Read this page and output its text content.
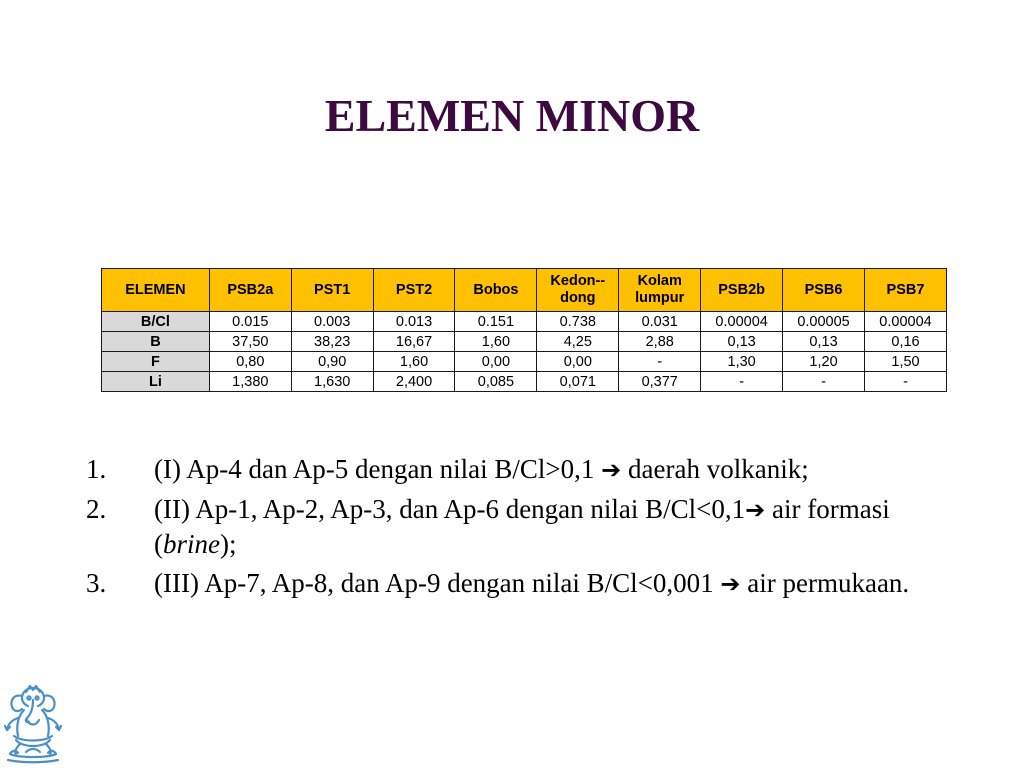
ELEMEN MINOR
ELEMEN	PSB2a	PST1	PST2	Bobos	Kedon-dong	Kolam lumpur	PSB2b	PSB6	PSB7
B/Cl	0.015	0.003	0.013	0.151	0.738	0.031	0.00004	0.00005	0.00004
B	37,50	38,23	16,67	1,60	4,25	2,88	0,13	0,13	0,16
F	0,80	0,90	1,60	0,00	0,00	-	1,30	1,20	1,50
Li	1,380	1,630	2,400	0,085	0,071	0,377	-	-	-
1. (I) Ap-4 dan Ap-5 dengan nilai B/Cl>0,1 ➔ daerah volkanik;
2. (II) Ap-1, Ap-2, Ap-3, dan Ap-6 dengan nilai B/Cl<0,1➔ air formasi (brine);
3. (III) Ap-7, Ap-8, dan Ap-9 dengan nilai B/Cl<0,001 ➔ air permukaan.
